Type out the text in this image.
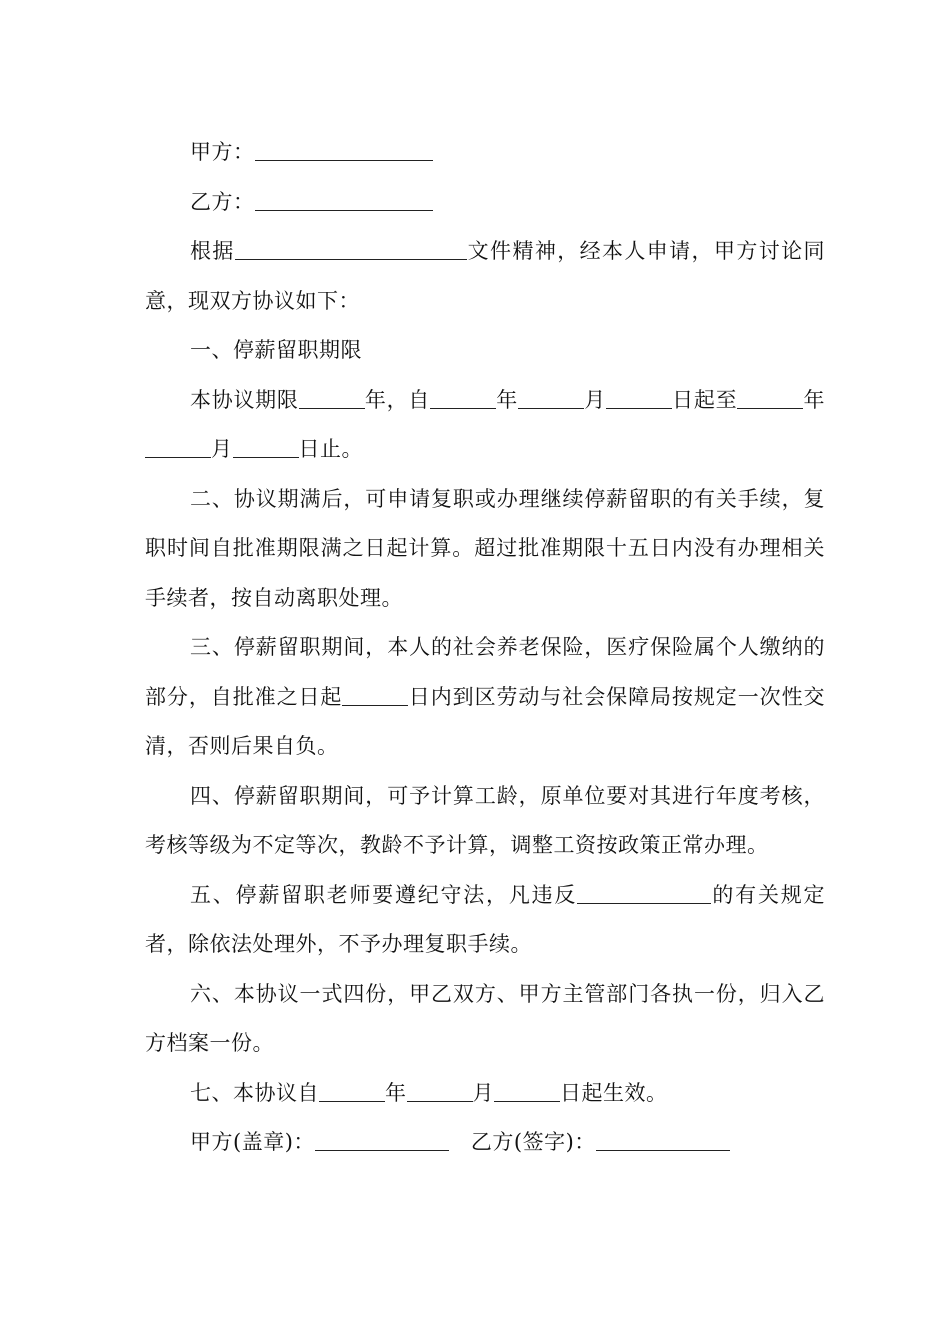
甲方：

乙方：

根据	文件精神，经本人申请，甲方讨论同意，现双方协议如下：

一、停薪留职期限

本协议期限	年，自	年	月	日起至	年月	日止。

二、协议期满后，可申请复职或办理继续停薪留职的有关手续，复职时间自批准期限满之日起计算。超过批准期限十五日内没有办理相关手续者，按自动离职处理。

三、停薪留职期间，本人的社会养老保险，医疗保险属个人缴纳的部分，自批准之日起	日内到区劳动与社会保障局按规定一次性交清，否则后果自负。

四、停薪留职期间，可予计算工龄，原单位要对其进行年度考核，考核等级为不定等次，教龄不予计算，调整工资按政策正常办理。

五、停薪留职老师要遵纪守法，凡违反	的有关规定者，除依法处理外，不予办理复职手续。

六、本协议一式四份，甲乙双方、甲方主管部门各执一份，归入乙方档案一份。

七、本协议自	年	月	日起生效。

甲方(盖章)：	乙方(签字)：
